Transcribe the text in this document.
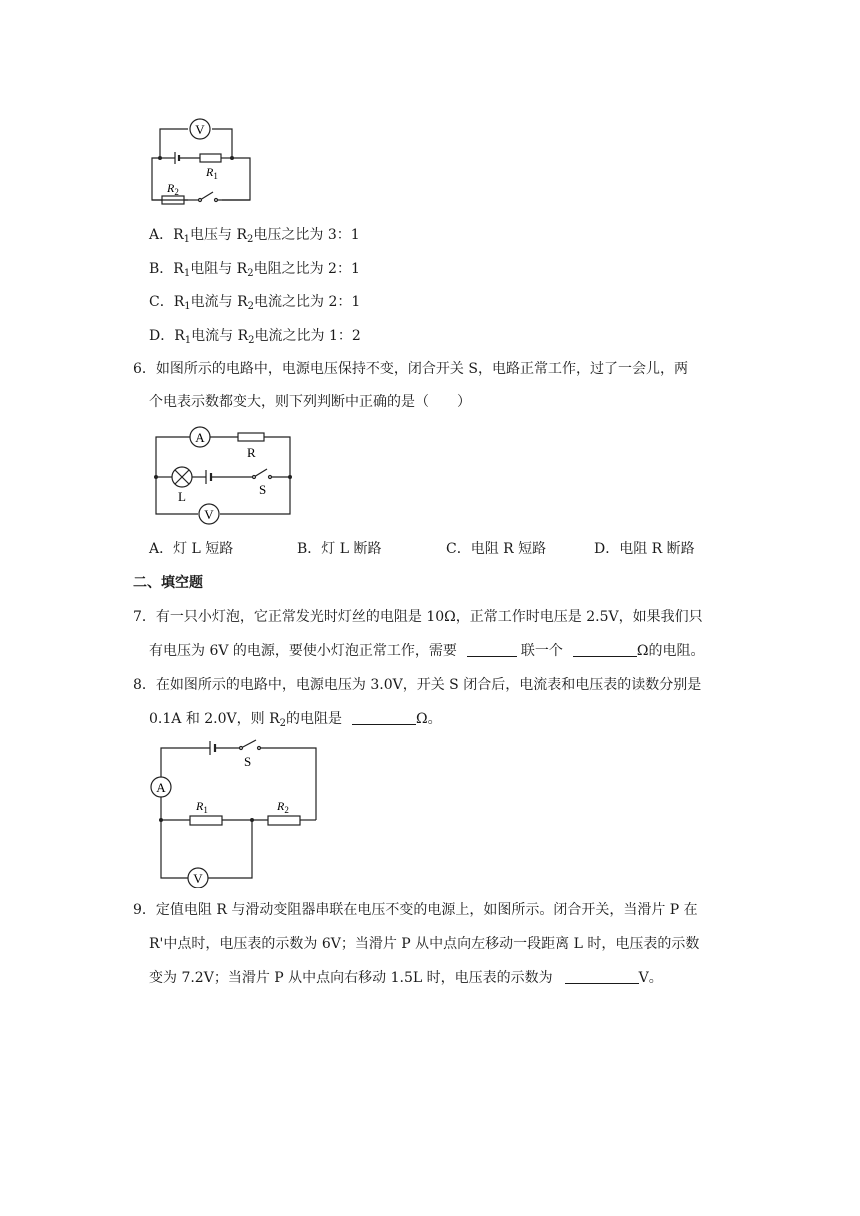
V
$R_1$
$R_2$
A．$R_1$电压与 $R_2$电压之比为 3：1
B．$R_1$电阻与 $R_2$电阻之比为 2：1
C．$R_1$电流与 $R_2$电流之比为 2：1
D．$R_1$电流与 $R_2$电流之比为 1：2
6．如图所示的电路中，电源电压保持不变，闭合开关 S，电路正常工作，过了一会儿，两
个电表示数都变大，则下列判断中正确的是（　　）
A
V
R
L	S
A．灯 L 短路	B．灯 L 断路	C．电阻 R 短路	D．电阻 R 断路
二、填空题
7．有一只小灯泡，它正常发光时灯丝的电阻是 10Ω，正常工作时电压是 2.5V，如果我们只
有电压为 6V 的电源，要使小灯泡正常工作，需要	联一个	Ω的电阻。
8．在如图所示的电路中，电源电压为 3.0V，开关 S 闭合后，电流表和电压表的读数分别是
0.1A 和 2.0V，则 $R_2$的电阻是	Ω。
A
V
S
$R_1$	$R_2$
9．定值电阻 R 与滑动变阻器串联在电压不变的电源上，如图所示。闭合开关，当滑片 P 在
R'中点时，电压表的示数为 6V；当滑片 P 从中点向左移动一段距离 L 时，电压表的示数
变为 7.2V；当滑片 P 从中点向右移动 1.5L 时，电压表的示数为	V。
